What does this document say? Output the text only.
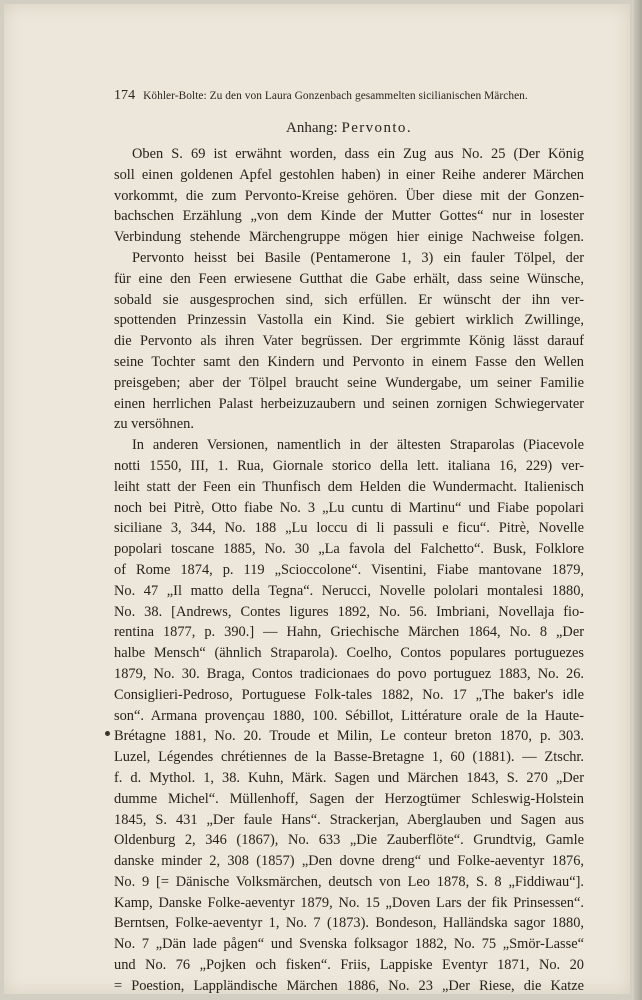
174 Köhler-Bolte: Zu den von Laura Gonzenbach gesammelten sicilianischen Märchen.
Anhang: Pervonto.
Oben S. 69 ist erwähnt worden, dass ein Zug aus No. 25 (Der König
soll einen goldenen Apfel gestohlen haben) in einer Reihe anderer Märchen
vorkommt, die zum Pervonto-Kreise gehören. Über diese mit der Gonzen-
bachschen Erzählung „von dem Kinde der Mutter Gottes“ nur in losester
Verbindung stehende Märchengruppe mögen hier einige Nachweise folgen.
Pervonto heisst bei Basile (Pentamerone 1, 3) ein fauler Tölpel, der
für eine den Feen erwiesene Gutthat die Gabe erhält, dass seine Wünsche,
sobald sie ausgesprochen sind, sich erfüllen. Er wünscht der ihn ver-
spottenden Prinzessin Vastolla ein Kind. Sie gebiert wirklich Zwillinge,
die Pervonto als ihren Vater begrüssen. Der ergrimmte König lässt darauf
seine Tochter samt den Kindern und Pervonto in einem Fasse den Wellen
preisgeben; aber der Tölpel braucht seine Wundergabe, um seiner Familie
einen herrlichen Palast herbeizuzaubern und seinen zornigen Schwiegervater
zu versöhnen.
In anderen Versionen, namentlich in der ältesten Straparolas (Piacevole
notti 1550, III, 1. Rua, Giornale storico della lett. italiana 16, 229) ver-
leiht statt der Feen ein Thunfisch dem Helden die Wundermacht. Italienisch
noch bei Pitrè, Otto fiabe No. 3 „Lu cuntu di Martinu“ und Fiabe popolari
siciliane 3, 344, No. 188 „Lu loccu di li passuli e ficu“. Pitrè, Novelle
popolari toscane 1885, No. 30 „La favola del Falchetto“. Busk, Folklore
of Rome 1874, p. 119 „Scioccolone“. Visentini, Fiabe mantovane 1879,
No. 47 „Il matto della Tegna“. Nerucci, Novelle pololari montalesi 1880,
No. 38. [Andrews, Contes ligures 1892, No. 56. Imbriani, Novellaja fio-
rentina 1877, p. 390.] — Hahn, Griechische Märchen 1864, No. 8 „Der
halbe Mensch“ (ähnlich Straparola). Coelho, Contos populares portuguezes
1879, No. 30. Braga, Contos tradicionaes do povo portuguez 1883, No. 26.
Consiglieri-Pedroso, Portuguese Folk-tales 1882, No. 17 „The baker's idle
son“. Armana provençau 1880, 100. Sébillot, Littérature orale de la Haute-
Brétagne 1881, No. 20. Troude et Milin, Le conteur breton 1870, p. 303.
Luzel, Légendes chrétiennes de la Basse-Bretagne 1, 60 (1881). — Ztschr.
f. d. Mythol. 1, 38. Kuhn, Märk. Sagen und Märchen 1843, S. 270 „Der
dumme Michel“. Müllenhoff, Sagen der Herzogtümer Schleswig-Holstein
1845, S. 431 „Der faule Hans“. Strackerjan, Aberglauben und Sagen aus
Oldenburg 2, 346 (1867), No. 633 „Die Zauberflöte“. Grundtvig, Gamle
danske minder 2, 308 (1857) „Den dovne dreng“ und Folke-aeventyr 1876,
No. 9 [= Dänische Volksmärchen, deutsch von Leo 1878, S. 8 „Fiddiwau“].
Kamp, Danske Folke-aeventyr 1879, No. 15 „Doven Lars der fik Prinsessen“.
Berntsen, Folke-aeventyr 1, No. 7 (1873). Bondeson, Halländska sagor 1880,
No. 7 „Dän lade pågen“ und Svenska folksagor 1882, No. 75 „Smör-Lasse“
und No. 76 „Pojken och fisken“. Friis, Lappiske Eventyr 1871, No. 20
= Poestion, Lappländische Märchen 1886, No. 23 „Der Riese, die Katze
